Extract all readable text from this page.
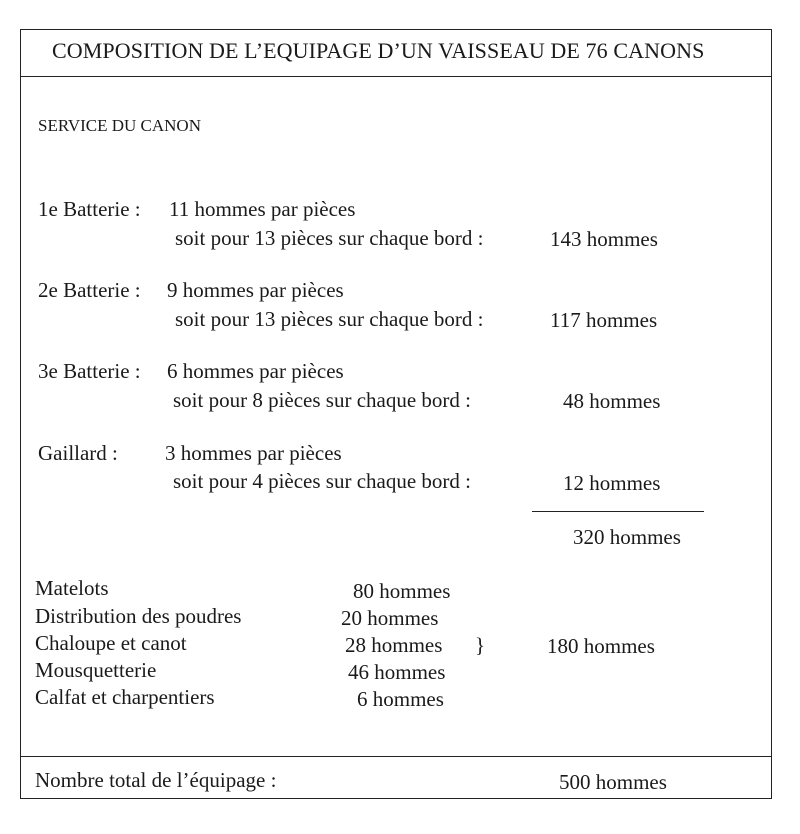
COMPOSITION DE L’EQUIPAGE D’UN VAISSEAU DE 76 CANONS
SERVICE DU CANON
1e Batterie : 11 hommes par pièces
soit pour 13 pièces sur chaque bord :	143 hommes
2e Batterie : 9 hommes par pièces
soit pour 13 pièces sur chaque bord :	117 hommes
3e Batterie : 6 hommes par pièces
soit pour 8 pièces sur chaque bord :	48 hommes
Gaillard : 3 hommes par pièces
soit pour 4 pièces sur chaque bord :	12 hommes
320 hommes
Matelots	80 hommes
Distribution des poudres	20 hommes
Chaloupe et canot	28 hommes }	180 hommes
Mousquetterie	46 hommes
Calfat et charpentiers	6 hommes
Nombre total de l’équipage :	500 hommes
